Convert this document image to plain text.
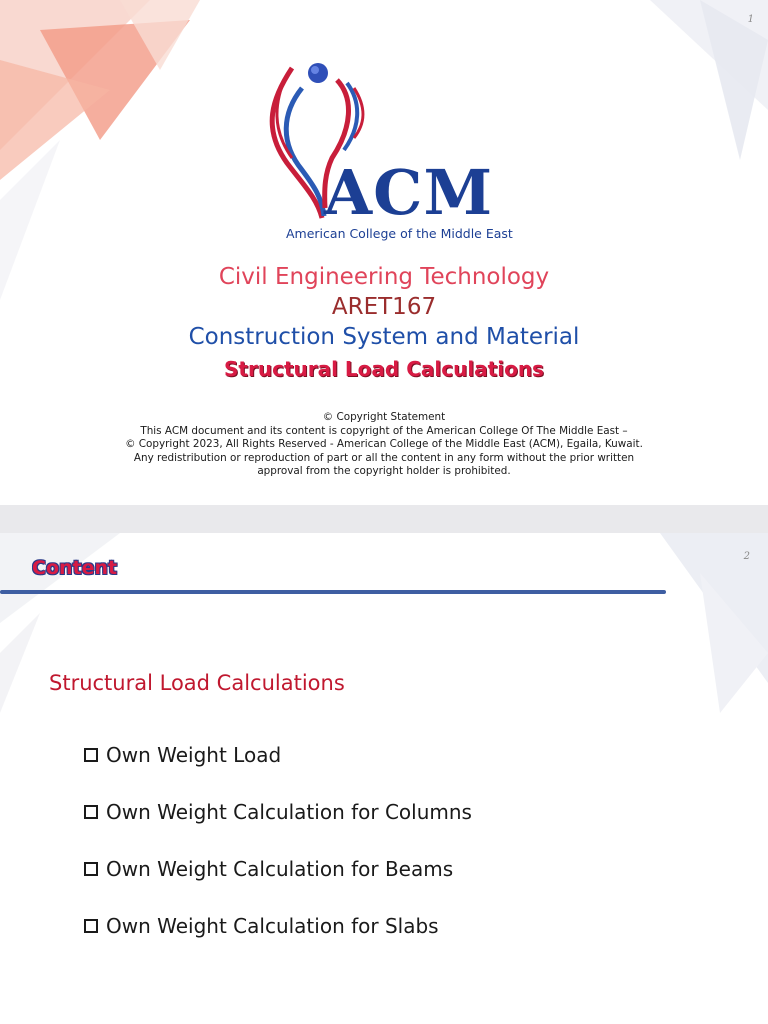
1
ACM
American College of the Middle East
Civil Engineering Technology
ARET167
Construction System and Material
Structural Load Calculations
© Copyright Statement
This ACM document and its content is copyright of the American College Of The Middle East –
© Copyright 2023, All Rights Reserved - American College of the Middle East (ACM), Egaila, Kuwait.
Any redistribution or reproduction of part or all the content in any form without the prior written
approval from the copyright holder is prohibited.
2
Content
Structural Load Calculations
Own Weight Load
Own Weight Calculation for Columns
Own Weight Calculation for Beams
Own Weight Calculation for Slabs
